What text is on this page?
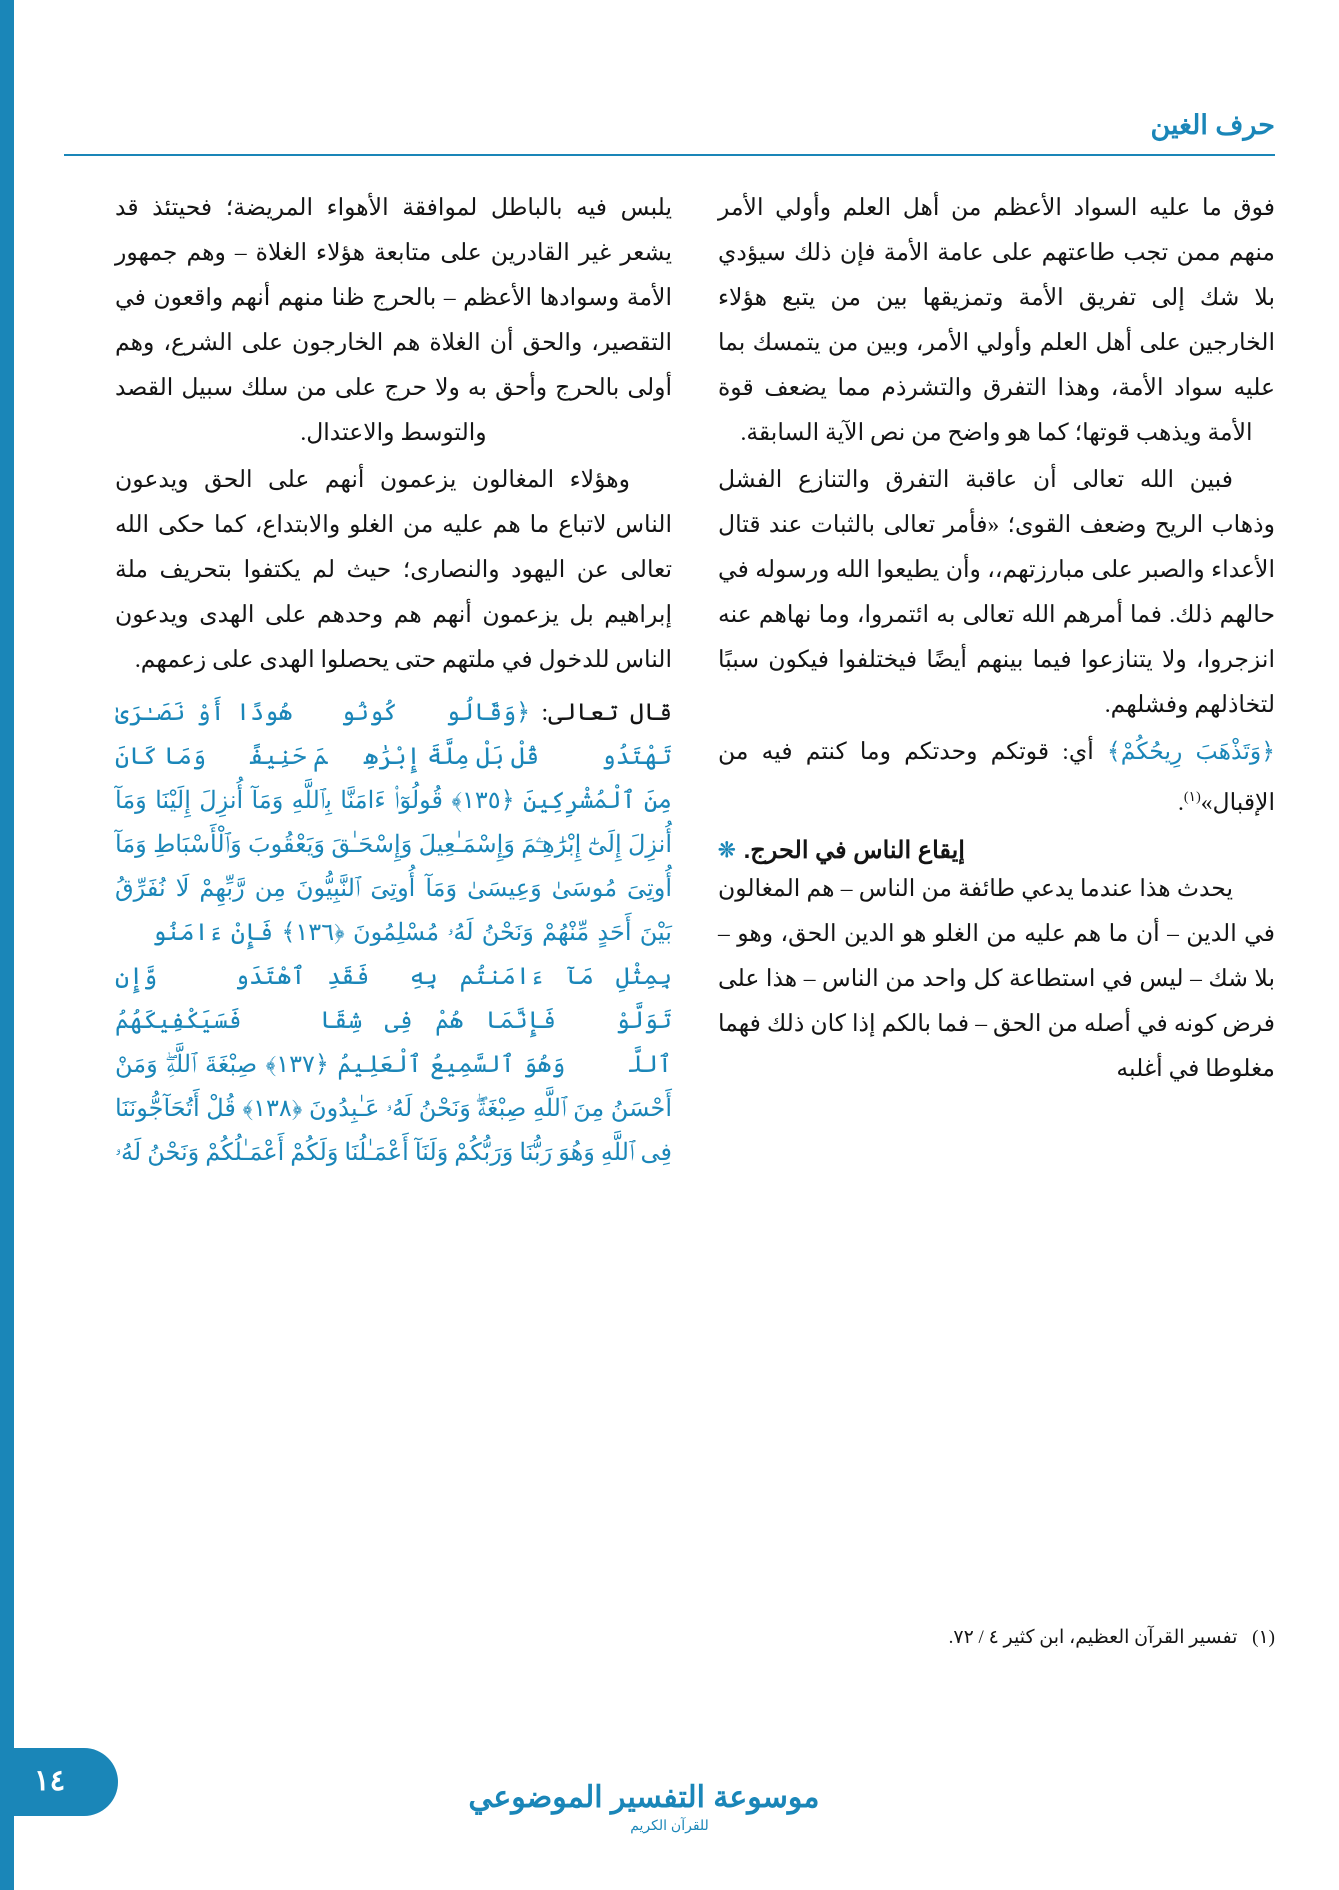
حرف الغين

فوق ما عليه السواد الأعظم من أهل العلم وأولي الأمر منهم ممن تجب طاعتهم على عامة الأمة فإن ذلك سيؤدي بلا شك إلى تفريق الأمة وتمزيقها بين من يتبع هؤلاء الخارجين على أهل العلم وأولي الأمر، وبين من يتمسك بما عليه سواد الأمة، وهذا التفرق والتشرذم مما يضعف قوة الأمة ويذهب قوتها؛ كما هو واضح من نص الآية السابقة.

فبين الله تعالى أن عاقبة التفرق والتنازع الفشل وذهاب الريح وضعف القوى؛ «فأمر تعالى بالثبات عند قتال الأعداء والصبر على مبارزتهم،، وأن يطيعوا الله ورسوله في حالهم ذلك. فما أمرهم الله تعالى به ائتمروا، وما نهاهم عنه انزجروا، ولا يتنازعوا فيما بينهم أيضًا فيختلفوا فيكون سببًا لتخاذلهم وفشلهم.

﴿وَتَذْهَبَ رِيحُكُمْ﴾ أي: قوتكم وحدتكم وما كنتم فيه من الإقبال»$^{(١)}$.

❊ إيقاع الناس في الحرج.

يحدث هذا عندما يدعي طائفة من الناس – هم المغالون في الدين – أن ما هم عليه من الغلو هو الدين الحق، وهو – بلا شك – ليس في استطاعة كل واحد من الناس – هذا على فرض كونه في أصله من الحق – فما بالكم إذا كان ذلك فهما مغلوطا في أغلبه

(١) تفسير القرآن العظيم، ابن كثير ٤ / ٧٢.

يلبس فيه بالباطل لموافقة الأهواء المريضة؛ فحيتئذ قد يشعر غير القادرين على متابعة هؤلاء الغلاة – وهم جمهور الأمة وسوادها الأعظم – بالحرج ظنا منهم أنهم واقعون في التقصير، والحق أن الغلاة هم الخارجون على الشرع، وهم أولى بالحرج وأحق به ولا حرج على من سلك سبيل القصد والتوسط والاعتدال.

وهؤلاء المغالون يزعمون أنهم على الحق ويدعون الناس لاتباع ما هم عليه من الغلو والابتداع، كما حكى الله تعالى عن اليهود والنصارى؛ حيث لم يكتفوا بتحريف ملة إبراهيم بل يزعمون أنهم هم وحدهم على الهدى ويدعون الناس للدخول في ملتهم حتى يحصلوا الهدى على زعمهم.

قال تعالى: ﴿وَقَالُوا۟ كُونُوا۟ هُودًا أَوْ نَصَـٰرَىٰ تَهْتَدُوا۟ۗ قُلْ بَلْ مِلَّةَ إِبْرَٰهِـۧمَ حَنِيفًاۖ وَمَا كَانَ مِنَ ٱلْمُشْرِكِينَ ﴿١٣٥﴾ قُولُوٓا۟ ءَامَنَّا بِٱللَّهِ وَمَآ أُنزِلَ إِلَيْنَا وَمَآ أُنزِلَ إِلَىٰٓ إِبْرَٰهِـۧمَ وَإِسْمَـٰعِيلَ وَإِسْحَـٰقَ وَيَعْقُوبَ وَٱلْأَسْبَاطِ وَمَآ أُوتِىَ مُوسَىٰ وَعِيسَىٰ وَمَآ أُوتِىَ ٱلنَّبِيُّونَ مِن رَّبِّهِمْ لَا نُفَرِّقُ بَيْنَ أَحَدٍ مِّنْهُمْ وَنَحْنُ لَهُۥ مُسْلِمُونَ ﴿١٣٦﴾ فَإِنْ ءَامَنُوا۟ بِمِثْلِ مَآ ءَامَنتُم بِهِۦ فَقَدِ ٱهْتَدَوا۟ۖ وَّإِن تَوَلَّوْا۟ فَإِنَّمَا هُمْ فِى شِقَاقٍۖ فَسَيَكْفِيكَهُمُ ٱللَّهُۚ وَهُوَ ٱلسَّمِيعُ ٱلْعَلِيمُ ﴿١٣٧﴾ صِبْغَةَ ٱللَّهِۖ وَمَنْ أَحْسَنُ مِنَ ٱللَّهِ صِبْغَةًۖ وَنَحْنُ لَهُۥ عَـٰبِدُونَ ﴿١٣٨﴾ قُلْ أَتُحَآجُّونَنَا فِى ٱللَّهِ وَهُوَ رَبُّنَا وَرَبُّكُمْ وَلَنَآ أَعْمَـٰلُنَا وَلَكُمْ أَعْمَـٰلُكُمْ وَنَحْنُ لَهُۥ

١٤	موسوعة التفسير الموضوعي
للقرآن الكريم
